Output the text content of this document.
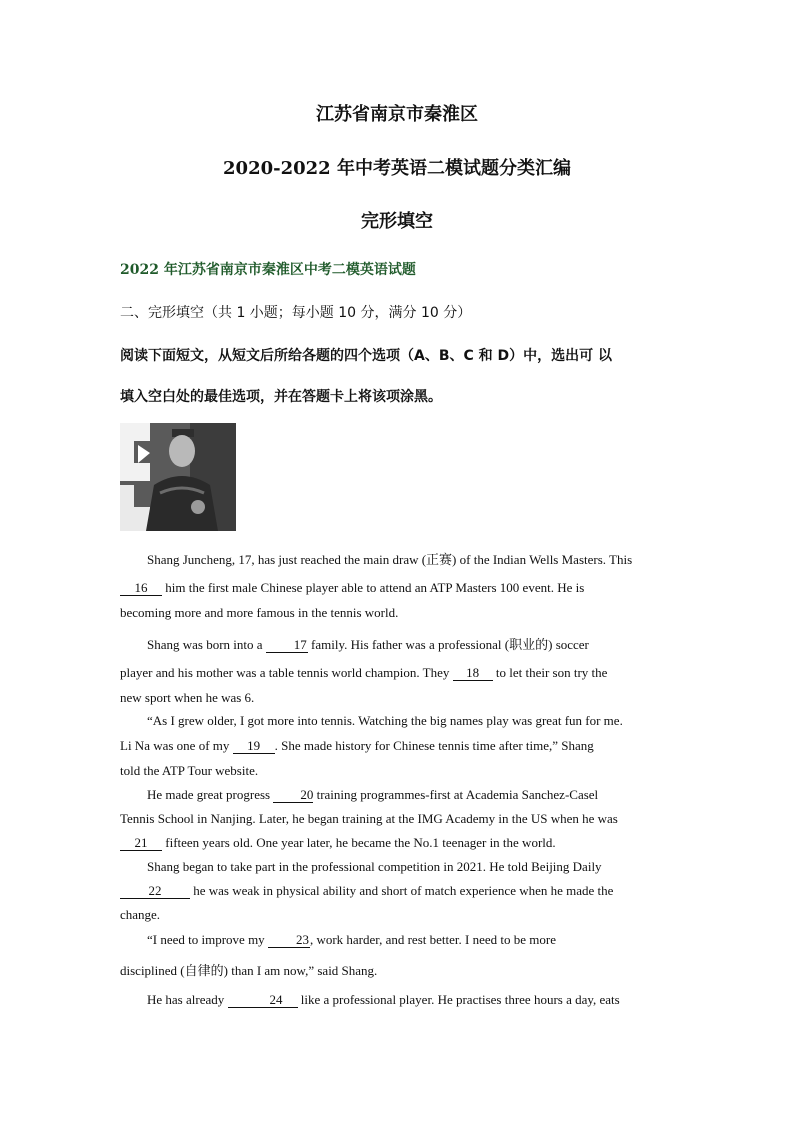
江苏省南京市秦淮区
2020-2022 年中考英语二模试题分类汇编
完形填空
2022 年江苏省南京市秦淮区中考二模英语试题
二、完形填空（共 1 小题；每小题 10 分，满分 10 分）
阅读下面短文，从短文后所给各题的四个选项（A、B、C 和 D）中，选出可 以
填入空白处的最佳选项，并在答题卡上将该项涂黑。
Shang Juncheng, 17, has just reached the main draw (正赛) of the Indian Wells Masters. This
16 him the first male Chinese player able to attend an ATP Masters 100 event. He is
becoming more and more famous in the tennis world.
Shang was born into a 17 family. His father was a professional (职业的) soccer
player and his mother was a table tennis world champion. They 18 to let their son try the
new sport when he was 6.
“As I grew older, I got more into tennis. Watching the big names play was great fun for me.
Li Na was one of my 19 . She made history for Chinese tennis time after time,” Shang
told the ATP Tour website.
He made great progress 20 training programmes-first at Academia Sanchez-Casel
Tennis School in Nanjing. Later, he began training at the IMG Academy in the US when he was
21 fifteen years old. One year later, he became the No.1 teenager in the world.
Shang began to take part in the professional competition in 2021. He told Beijing Daily
22 he was weak in physical ability and short of match experience when he made the
change.
“I need to improve my 23, work harder, and rest better. I need to be more
disciplined (自律的) than I am now,” said Shang.
He has already	24 like a professional player. He practises three hours a day, eats
